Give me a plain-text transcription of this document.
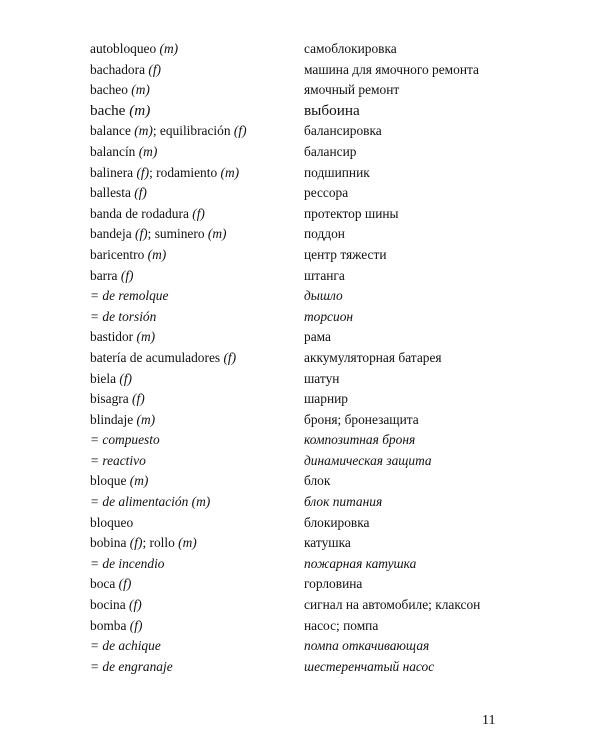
autobloqueo (m)	самоблокировка
bachadora (f)	машина для ямочного ремонта
bacheo (m)	ямочный ремонт
bache (m)	выбоина
balance (m); equilibración (f)	балансировка
balancín (m)	балансир
balinera (f); rodamiento (m)	подшипник
ballesta (f)	рессора
banda de rodadura (f)	протектор шины
bandeja (f); suminero (m)	поддон
baricentro (m)	центр тяжести
barra (f)	штанга
= de remolque	дышло
= de torsión	торсион
bastidor (m)	рама
batería de acumuladores (f)	аккумуляторная батарея
biela (f)	шатун
bisagra (f)	шарнир
blindaje (m)	броня; бронезащита
= compuesto	композитная броня
= reactivo	динамическая защита
bloque (m)	блок
= de alimentación (m)	блок питания
bloqueo	блокировка
bobina (f); rollo (m)	катушка
= de incendio	пожарная катушка
boca (f)	горловина
bocina (f)	сигнал на автомобиле; клаксон
bomba (f)	насос; помпа
= de achique	помпа откачивающая
= de engranaje	шестеренчатый насос
11
